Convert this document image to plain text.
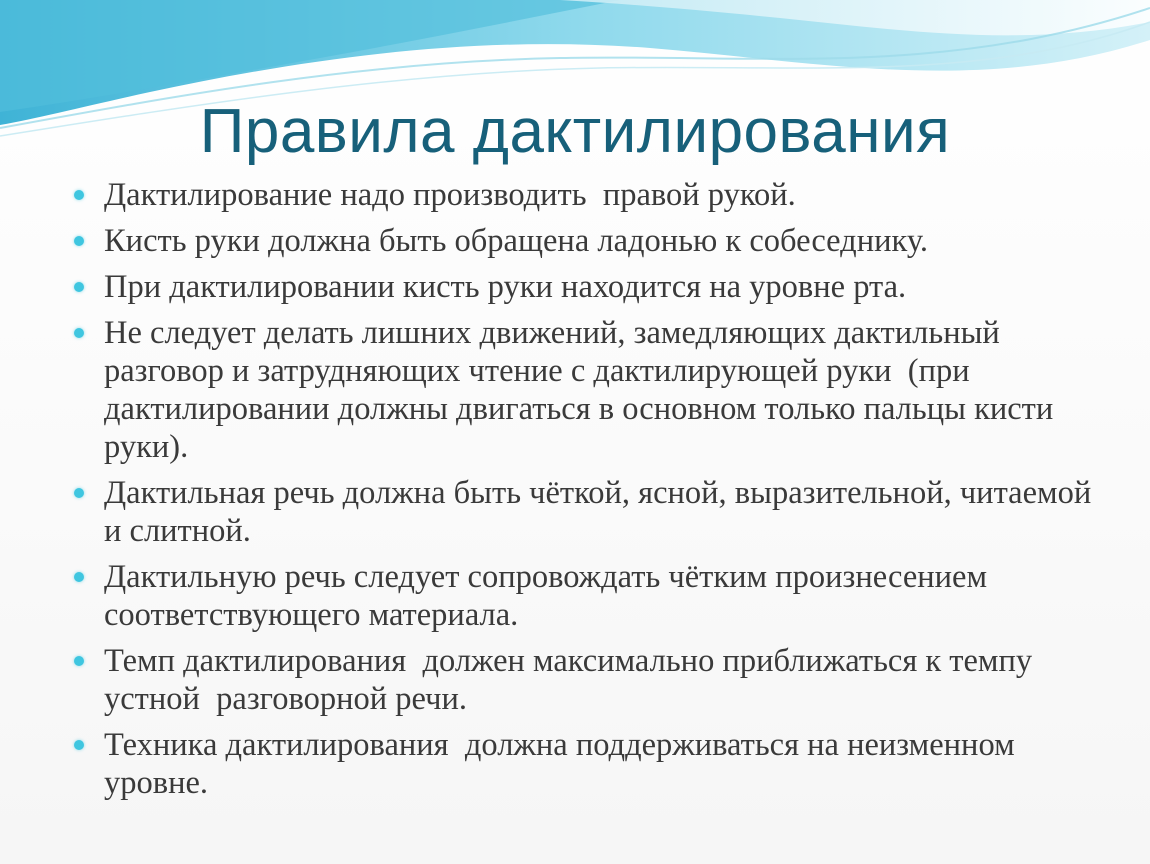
Правила дактилирования
Дактилирование надо производить  правой рукой.
Кисть руки должна быть обращена ладонью к собеседнику.
При дактилировании кисть руки находится на уровне рта.
Не следует делать лишних движений, замедляющих дактильный разговор и затрудняющих чтение с дактилирующей руки  (при дактилировании должны двигаться в основном только пальцы кисти руки).
Дактильная речь должна быть чёткой, ясной, выразительной, читаемой и слитной.
Дактильную речь следует сопровождать чётким произнесением соответствующего материала.
Темп дактилирования  должен максимально приближаться к темпу устной  разговорной речи.
Техника дактилирования  должна поддерживаться на неизменном уровне.
